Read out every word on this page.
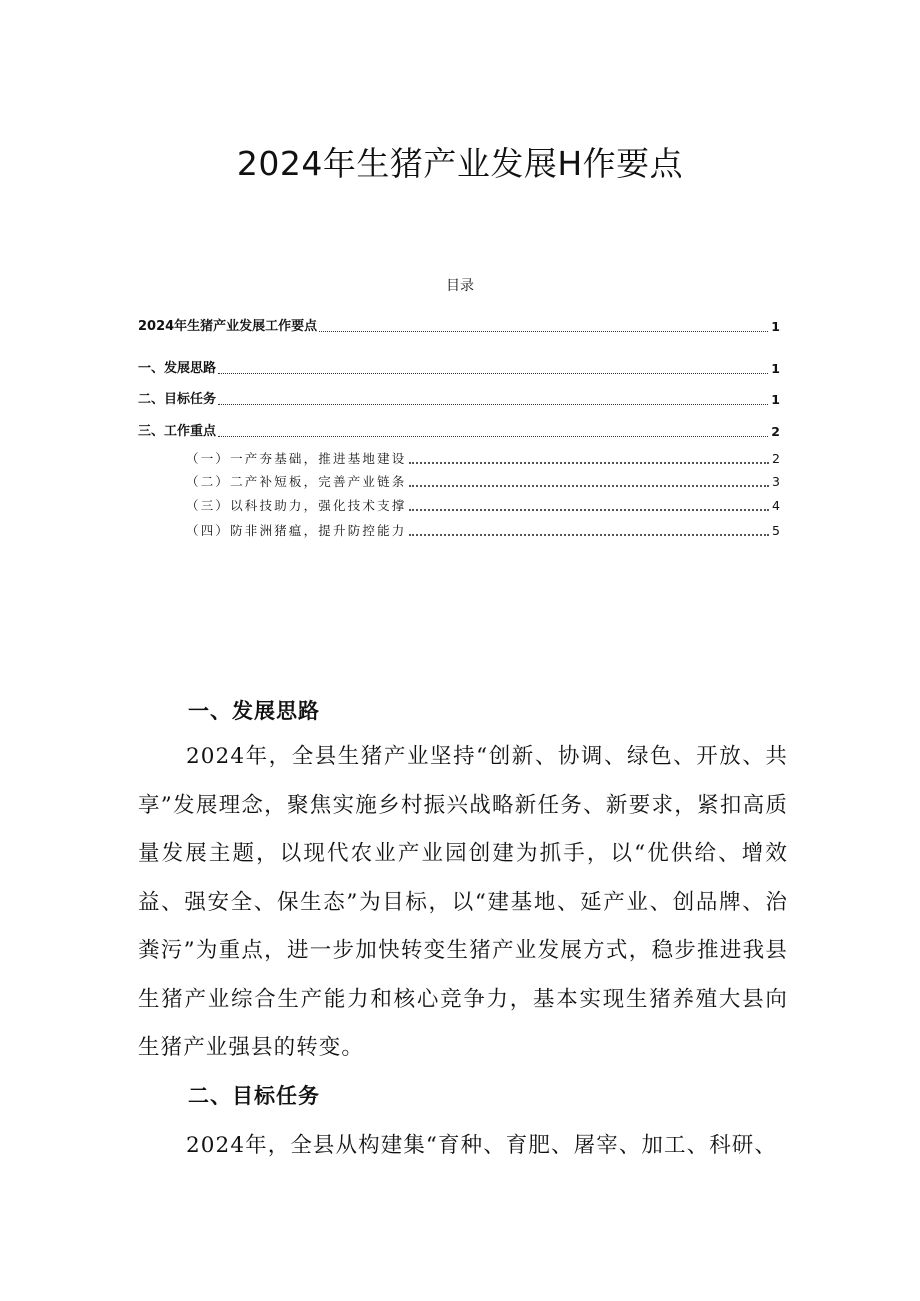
2024年生猪产业发展H作要点
目录
2024年生猪产业发展工作要点	1
一、发展思路	1
二、目标任务	1
三、工作重点	2
（一）一产夯基础，推进基地建设	2
（二）二产补短板，完善产业链条	3
（三）以科技助力，强化技术支撑	4
（四）防非洲猪瘟，提升防控能力	5
一、发展思路

2024年，全县生猪产业坚持“创新、协调、绿色、开放、共享”发展理念，聚焦实施乡村振兴战略新任务、新要求，紧扣高质量发展主题，以现代农业产业园创建为抓手，以“优供给、增效益、强安全、保生态”为目标，以“建基地、延产业、创品牌、治粪污”为重点，进一步加快转变生猪产业发展方式，稳步推进我县生猪产业综合生产能力和核心竞争力，基本实现生猪养殖大县向生猪产业强县的转变。

二、目标任务

2024年，全县从构建集“育种、育肥、屠宰、加工、科研、
